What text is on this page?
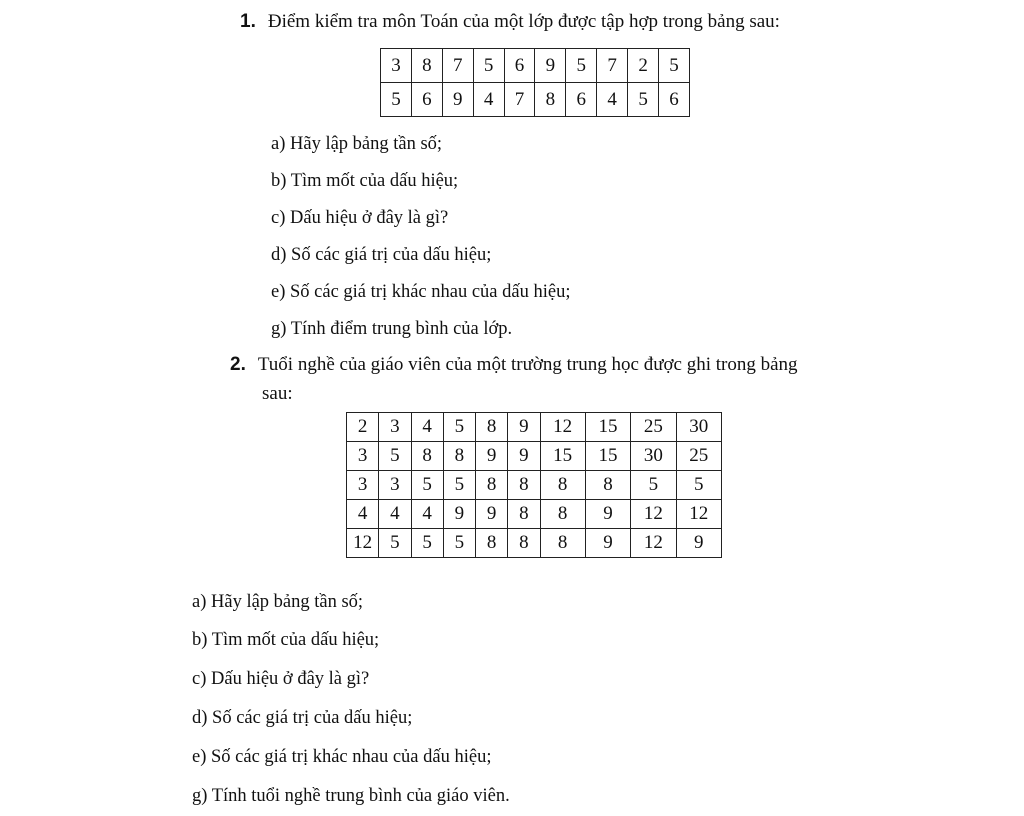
1. Điểm kiểm tra môn Toán của một lớp được tập hợp trong bảng sau:
3	8	7	5	6	9	5	7	2	5
5	6	9	4	7	8	6	4	5	6
a) Hãy lập bảng tần số;
b) Tìm mốt của dấu hiệu;
c) Dấu hiệu ở đây là gì?
d) Số các giá trị của dấu hiệu;
e) Số các giá trị khác nhau của dấu hiệu;
g) Tính điểm trung bình của lớp.
2. Tuổi nghề của giáo viên của một trường trung học được ghi trong bảng
sau:
2	3	4	5	8	9	12	15	25	30
3	5	8	8	9	9	15	15	30	25
3	3	5	5	8	8	8	8	5	5
4	4	4	9	9	8	8	9	12	12
12	5	5	5	8	8	8	9	12	9
a) Hãy lập bảng tần số;
b) Tìm mốt của dấu hiệu;
c) Dấu hiệu ở đây là gì?
d) Số các giá trị của dấu hiệu;
e) Số các giá trị khác nhau của dấu hiệu;
g) Tính tuổi nghề trung bình của giáo viên.
